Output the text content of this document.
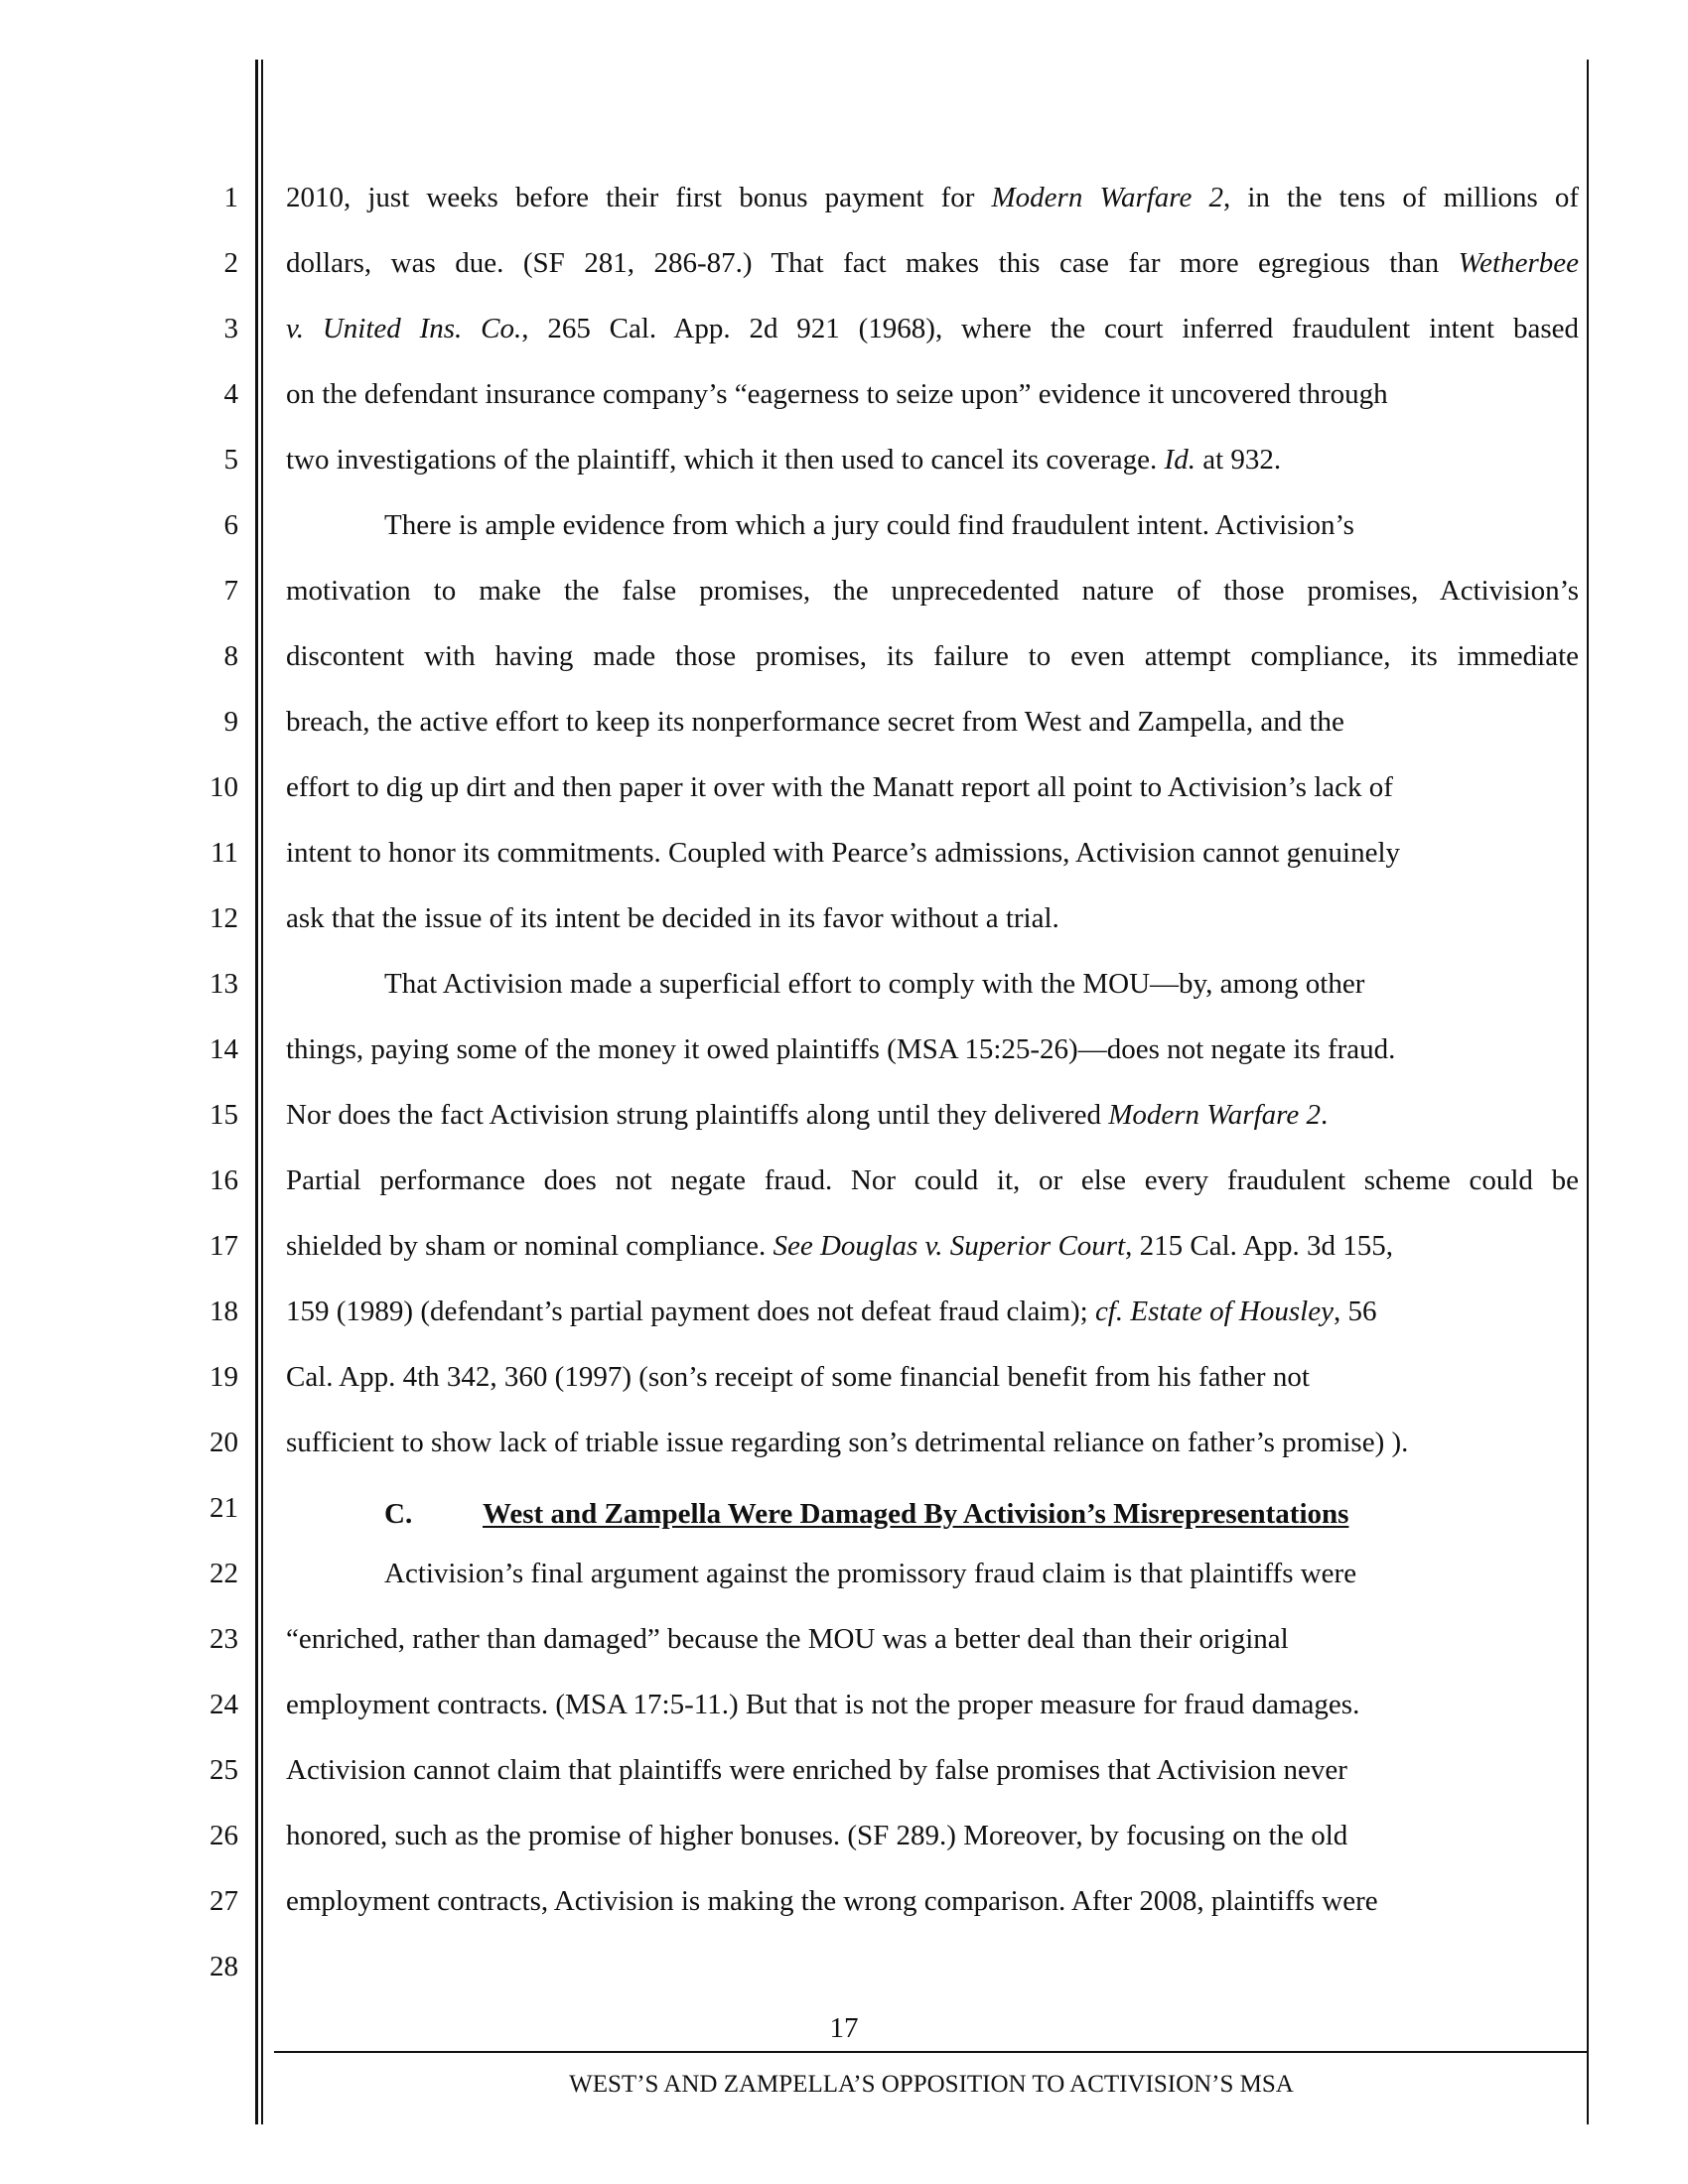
1
2
3
4
5
6
7
8
9
10
11
12
13
14
15
16
17
18
19
20
21
22
23
24
25
26
27
28
2010, just weeks before their first bonus payment for Modern Warfare 2, in the tens of millions of
dollars, was due. (SF 281, 286-87.) That fact makes this case far more egregious than Wetherbee
v. United Ins. Co., 265 Cal. App. 2d 921 (1968), where the court inferred fraudulent intent based
on the defendant insurance company’s “eagerness to seize upon” evidence it uncovered through
two investigations of the plaintiff, which it then used to cancel its coverage. Id. at 932.
There is ample evidence from which a jury could find fraudulent intent. Activision’s
motivation to make the false promises, the unprecedented nature of those promises, Activision’s
discontent with having made those promises, its failure to even attempt compliance, its immediate
breach, the active effort to keep its nonperformance secret from West and Zampella, and the
effort to dig up dirt and then paper it over with the Manatt report all point to Activision’s lack of
intent to honor its commitments. Coupled with Pearce’s admissions, Activision cannot genuinely
ask that the issue of its intent be decided in its favor without a trial.
That Activision made a superficial effort to comply with the MOU—by, among other
things, paying some of the money it owed plaintiffs (MSA 15:25-26)—does not negate its fraud.
Nor does the fact Activision strung plaintiffs along until they delivered Modern Warfare 2.
Partial performance does not negate fraud. Nor could it, or else every fraudulent scheme could be
shielded by sham or nominal compliance. See Douglas v. Superior Court, 215 Cal. App. 3d 155,
159 (1989) (defendant’s partial payment does not defeat fraud claim); cf. Estate of Housley, 56
Cal. App. 4th 342, 360 (1997) (son’s receipt of some financial benefit from his father not
sufficient to show lack of triable issue regarding son’s detrimental reliance on father’s promise) ).
C. West and Zampella Were Damaged By Activision’s Misrepresentations
Activision’s final argument against the promissory fraud claim is that plaintiffs were
“enriched, rather than damaged” because the MOU was a better deal than their original
employment contracts. (MSA 17:5-11.) But that is not the proper measure for fraud damages.
Activision cannot claim that plaintiffs were enriched by false promises that Activision never
honored, such as the promise of higher bonuses. (SF 289.) Moreover, by focusing on the old
employment contracts, Activision is making the wrong comparison. After 2008, plaintiffs were
17
WEST’S AND ZAMPELLA’S OPPOSITION TO ACTIVISION’S MSA
